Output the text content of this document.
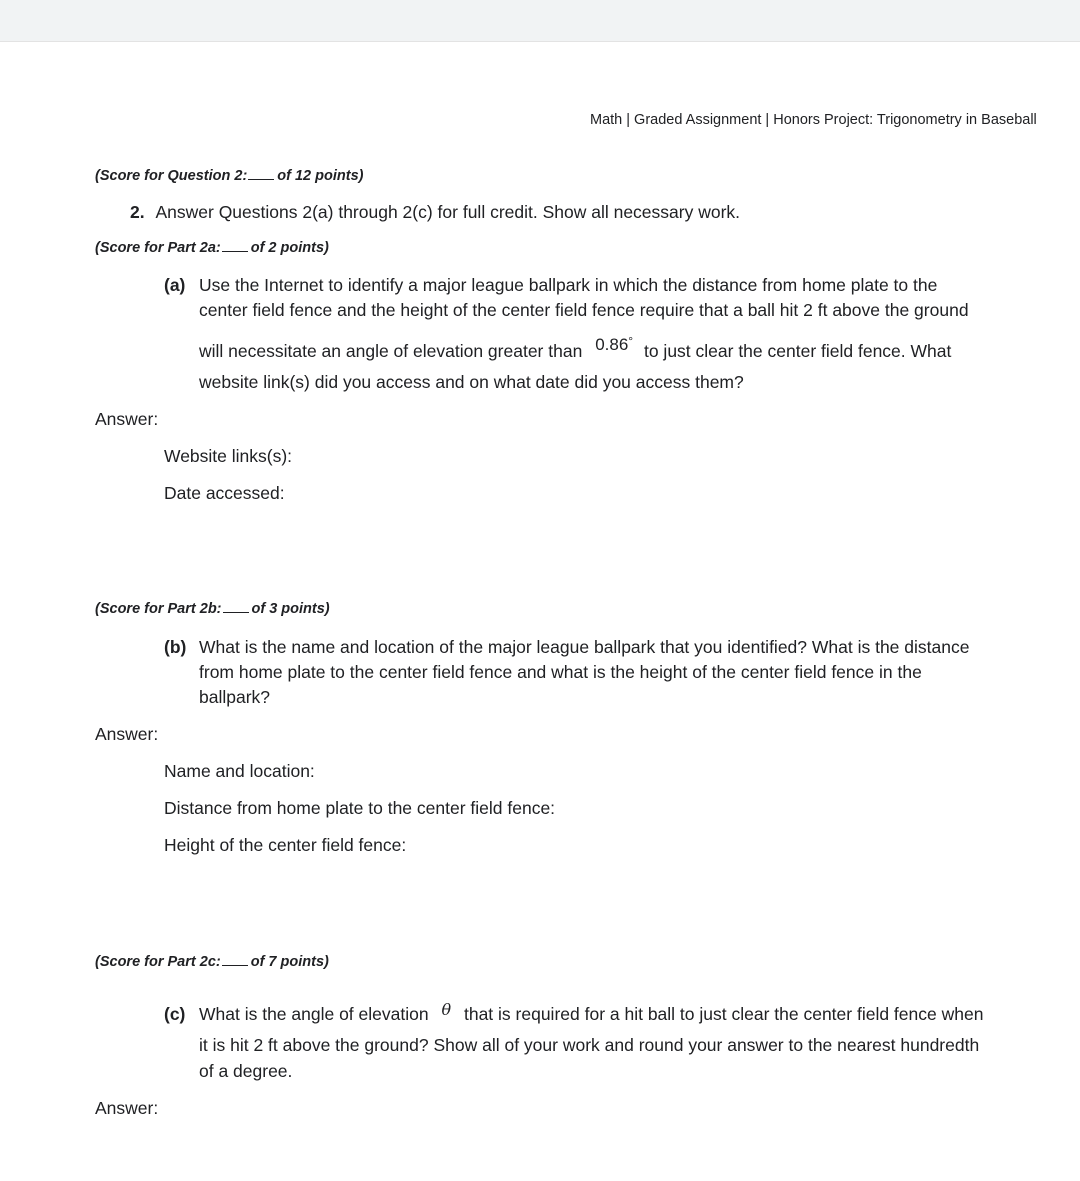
Math | Graded Assignment | Honors Project: Trigonometry in Baseball
(Score for Question 2: of 12 points)
2. Answer Questions 2(a) through 2(c) for full credit. Show all necessary work.
(Score for Part 2a: of 2 points)
(a) Use the Internet to identify a major league ballpark in which the distance from home plate to the
center field fence and the height of the center field fence require that a ball hit 2 ft above the ground
will necessitate an angle of elevation greater than 0.86° to just clear the center field fence. What
website link(s) did you access and on what date did you access them?
Answer:
Website links(s):
Date accessed:
(Score for Part 2b: of 3 points)
(b) What is the name and location of the major league ballpark that you identified? What is the distance
from home plate to the center field fence and what is the height of the center field fence in the
ballpark?
Answer:
Name and location:
Distance from home plate to the center field fence:
Height of the center field fence:
(Score for Part 2c: of 7 points)
(c) What is the angle of elevation θ that is required for a hit ball to just clear the center field fence when
it is hit 2 ft above the ground? Show all of your work and round your answer to the nearest hundredth
of a degree.
Answer:
